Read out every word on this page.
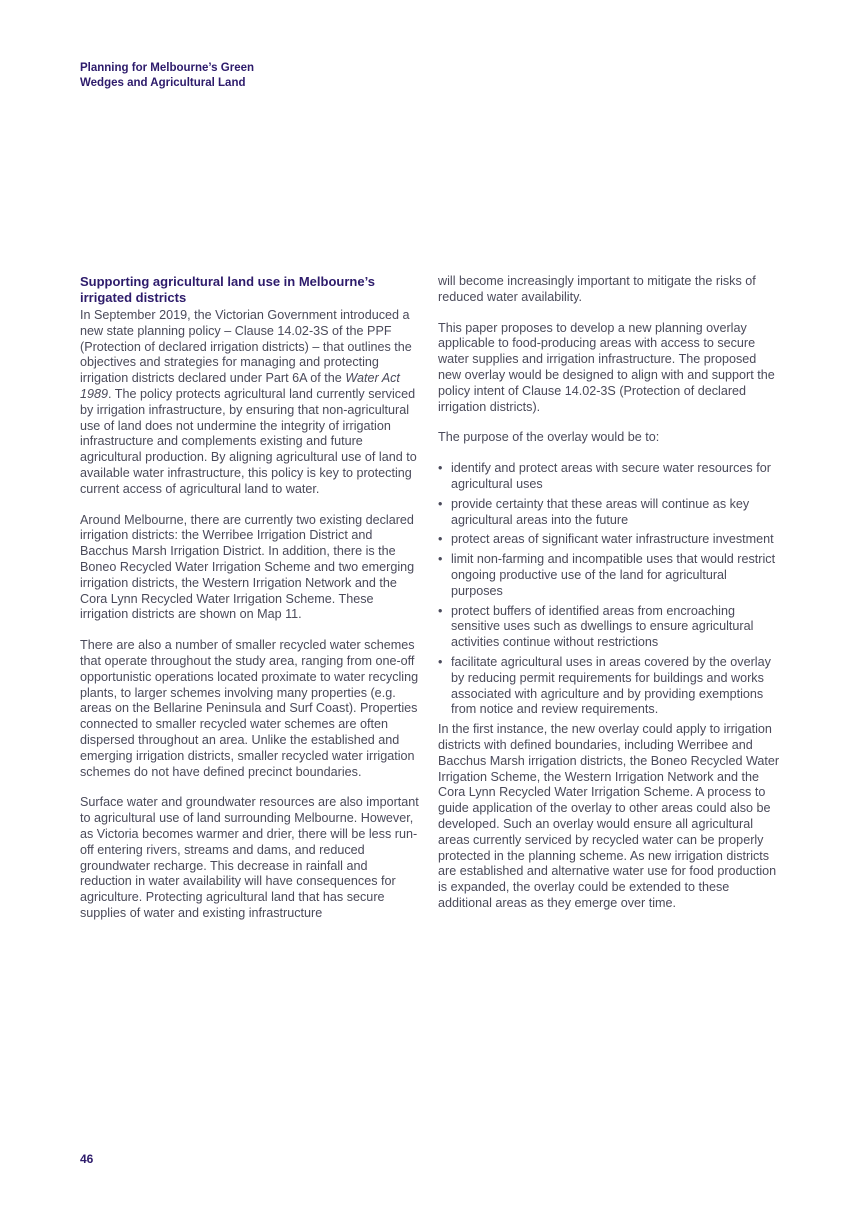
Planning for Melbourne’s Green
Wedges and Agricultural Land
Supporting agricultural land use in Melbourne’s
irrigated districts

In September 2019, the Victorian Government introduced a new state planning policy – Clause 14.02-3S of the PPF (Protection of declared irrigation districts) – that outlines the objectives and strategies for managing and protecting irrigation districts declared under Part 6A of the Water Act 1989. The policy protects agricultural land currently serviced by irrigation infrastructure, by ensuring that non-agricultural use of land does not undermine the integrity of irrigation infrastructure and complements existing and future agricultural production. By aligning agricultural use of land to available water infrastructure, this policy is key to protecting current access of agricultural land to water.

Around Melbourne, there are currently two existing declared irrigation districts: the Werribee Irrigation District and Bacchus Marsh Irrigation District. In addition, there is the Boneo Recycled Water Irrigation Scheme and two emerging irrigation districts, the Western Irrigation Network and the Cora Lynn Recycled Water Irrigation Scheme. These irrigation districts are shown on Map 11.

There are also a number of smaller recycled water schemes that operate throughout the study area, ranging from one-off opportunistic operations located proximate to water recycling plants, to larger schemes involving many properties (e.g. areas on the Bellarine Peninsula and Surf Coast). Properties connected to smaller recycled water schemes are often dispersed throughout an area. Unlike the established and emerging irrigation districts, smaller recycled water irrigation schemes do not have defined precinct boundaries.

Surface water and groundwater resources are also important to agricultural use of land surrounding Melbourne. However, as Victoria becomes warmer and drier, there will be less run-off entering rivers, streams and dams, and reduced groundwater recharge. This decrease in rainfall and reduction in water availability will have consequences for agriculture. Protecting agricultural land that has secure supplies of water and existing infrastructure

will become increasingly important to mitigate the risks of reduced water availability.

This paper proposes to develop a new planning overlay applicable to food-producing areas with access to secure water supplies and irrigation infrastructure. The proposed new overlay would be designed to align with and support the policy intent of Clause 14.02-3S (Protection of declared irrigation districts).

The purpose of the overlay would be to:

• identify and protect areas with secure water resources for agricultural uses
• provide certainty that these areas will continue as key agricultural areas into the future
• protect areas of significant water infrastructure investment
• limit non-farming and incompatible uses that would restrict ongoing productive use of the land for agricultural purposes
• protect buffers of identified areas from encroaching sensitive uses such as dwellings to ensure agricultural activities continue without restrictions
• facilitate agricultural uses in areas covered by the overlay by reducing permit requirements for buildings and works associated with agriculture and by providing exemptions from notice and review requirements.

In the first instance, the new overlay could apply to irrigation districts with defined boundaries, including Werribee and Bacchus Marsh irrigation districts, the Boneo Recycled Water Irrigation Scheme, the Western Irrigation Network and the Cora Lynn Recycled Water Irrigation Scheme. A process to guide application of the overlay to other areas could also be developed. Such an overlay would ensure all agricultural areas currently serviced by recycled water can be properly protected in the planning scheme. As new irrigation districts are established and alternative water use for food production is expanded, the overlay could be extended to these additional areas as they emerge over time.

46
